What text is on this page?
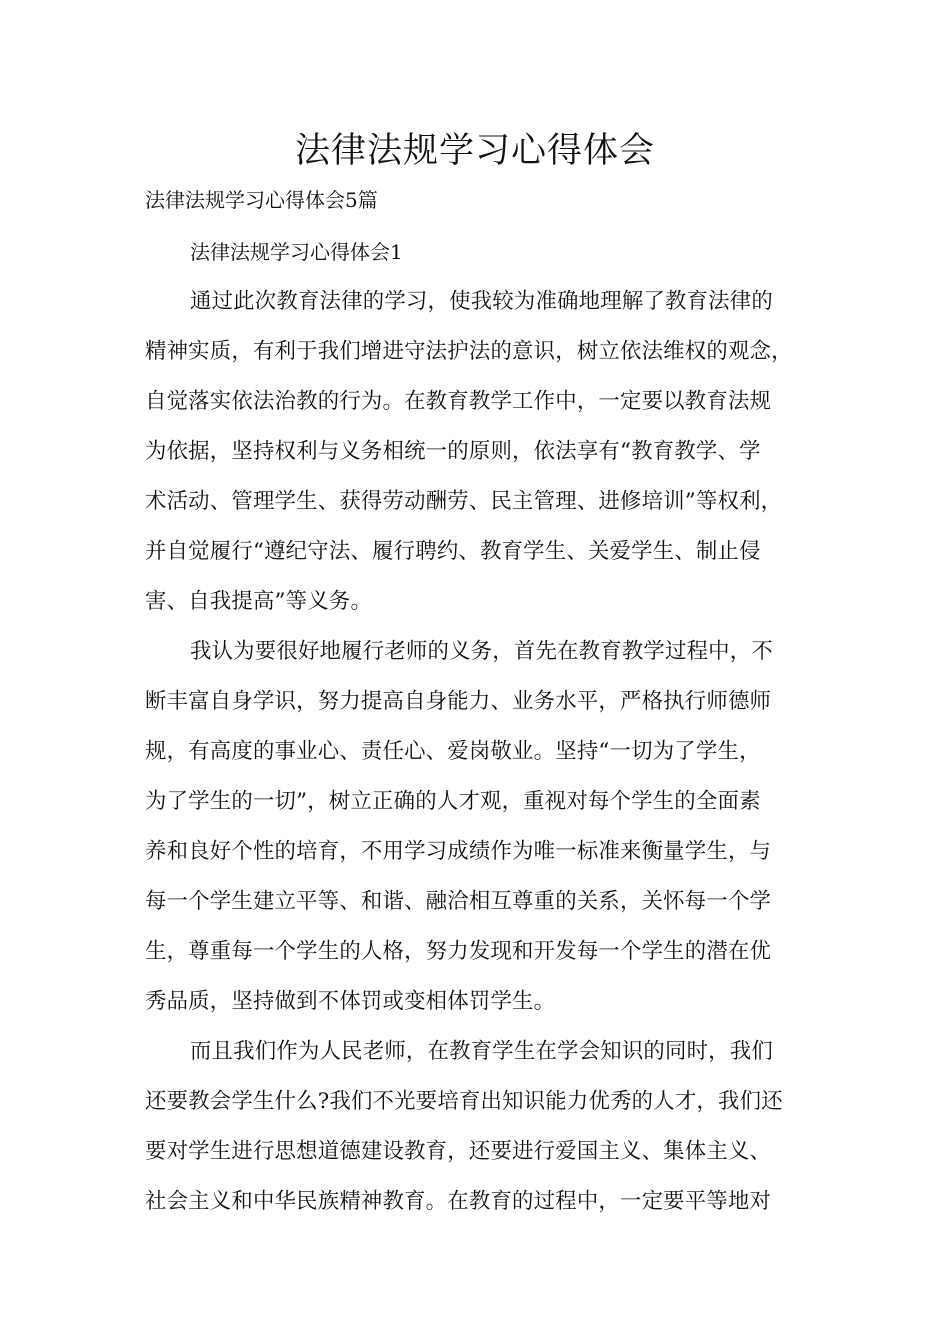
法律法规学习心得体会

法律法规学习心得体会5篇

法律法规学习心得体会1

通过此次教育法律的学习，使我较为准确地理解了教育法律的
精神实质，有利于我们增进守法护法的意识，树立依法维权的观念，
自觉落实依法治教的行为。在教育教学工作中，一定要以教育法规
为依据，坚持权利与义务相统一的原则，依法享有“教育教学、学
术活动、管理学生、获得劳动酬劳、民主管理、进修培训”等权利，
并自觉履行“遵纪守法、履行聘约、教育学生、关爱学生、制止侵
害、自我提高”等义务。
我认为要很好地履行老师的义务，首先在教育教学过程中，不
断丰富自身学识，努力提高自身能力、业务水平，严格执行师德师
规，有高度的事业心、责任心、爱岗敬业。坚持“一切为了学生，
为了学生的一切”，树立正确的人才观，重视对每个学生的全面素
养和良好个性的培育，不用学习成绩作为唯一标准来衡量学生，与
每一个学生建立平等、和谐、融洽相互尊重的关系，关怀每一个学
生，尊重每一个学生的人格，努力发现和开发每一个学生的潜在优
秀品质，坚持做到不体罚或变相体罚学生。
而且我们作为人民老师，在教育学生在学会知识的同时，我们
还要教会学生什么?我们不光要培育出知识能力优秀的人才，我们还
要对学生进行思想道德建设教育，还要进行爱国主义、集体主义、
社会主义和中华民族精神教育。在教育的过程中，一定要平等地对
